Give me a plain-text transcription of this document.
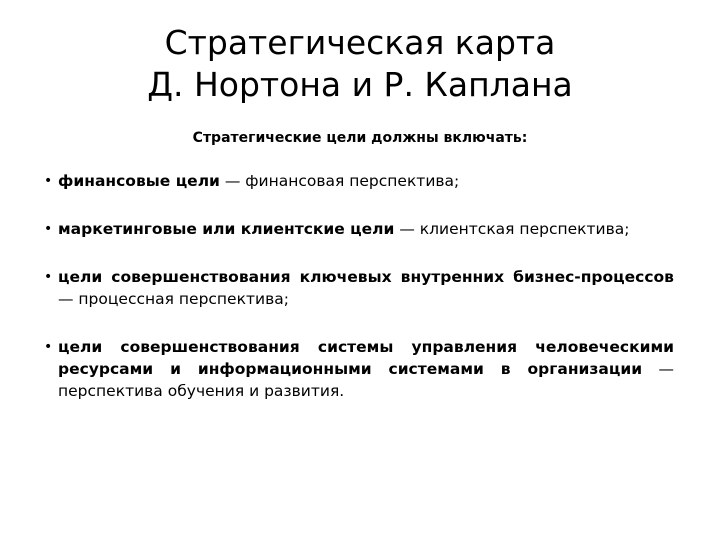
Стратегическая карта
Д. Нортона и Р. Каплана
Стратегические цели должны включать:
• финансовые цели — финансовая перспектива;
• маркетинговые или клиентские цели — клиентская перспектива;
• цели совершенствования ключевых внутренних бизнес-процессов — процессная перспектива;
• цели совершенствования системы управления человеческими ресурсами и информационными системами в организации — перспектива обучения и развития.
